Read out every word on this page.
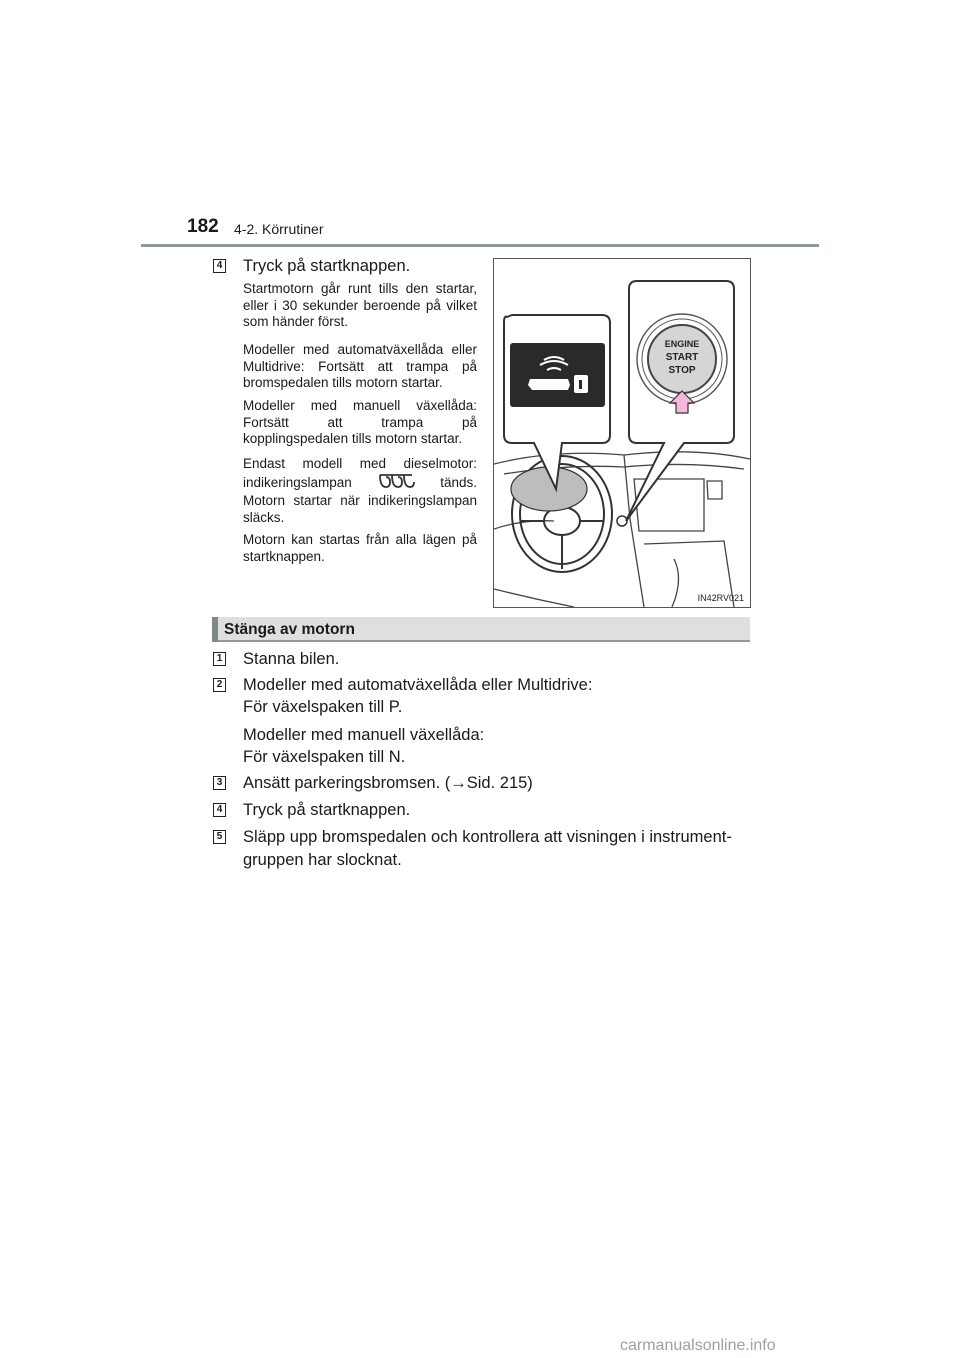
182 4-2. Körrutiner
4 Tryck på startknappen.
Startmotorn går runt tills den startar, eller i 30 sekunder beroende på vilket som händer först.
Modeller med automatväxellåda eller Multidrive: Fortsätt att trampa på bromspedalen tills motorn startar.
Modeller med manuell växellåda: Fortsätt att trampa på kopplingspedalen tills motorn startar.
Endast modell med dieselmotor: indikeringslampan	tänds. Motorn startar när indikeringslampan släcks.
Motorn kan startas från alla lägen på startknappen.
ENGINE
START
STOP
IN42RV021
Stänga av motorn
1 Stanna bilen.
2 Modeller med automatväxellåda eller Multidrive:
För växelspaken till P.
Modeller med manuell växellåda:
För växelspaken till N.
3 Ansätt parkeringsbromsen. (→Sid. 215)
4 Tryck på startknappen.
5 Släpp upp bromspedalen och kontrollera att visningen i instrument-
gruppen har slocknat.
carmanualsonline.info
